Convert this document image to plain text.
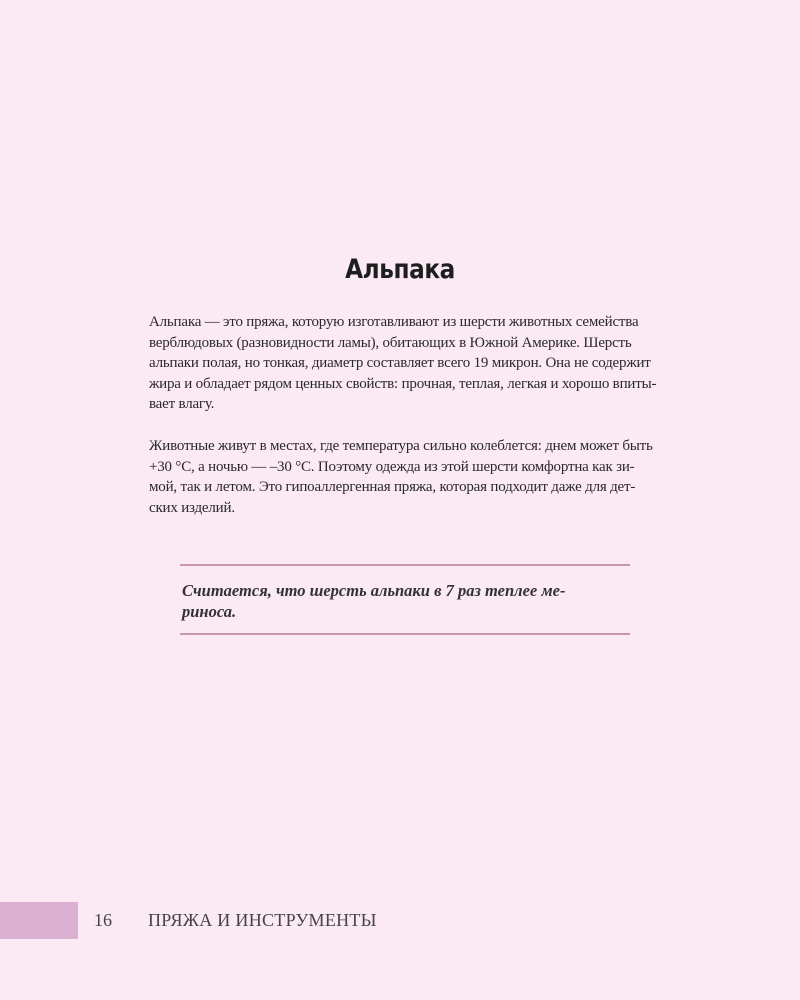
Альпака

Альпака — это пряжа, которую изготавливают из шерсти животных семейства
верблюдовых (разновидности ламы), обитающих в Южной Америке. Шерсть
альпаки полая, но тонкая, диаметр составляет всего 19 микрон. Она не содержит
жира и обладает рядом ценных свойств: прочная, теплая, легкая и хорошо впиты-
вает влагу.

Животные живут в местах, где температура сильно колеблется: днем может быть
+30 °С, а ночью — –30 °С. Поэтому одежда из этой шерсти комфортна как зи-
мой, так и летом. Это гипоаллергенная пряжа, которая подходит даже для дет-
ских изделий.

Считается, что шерсть альпаки в 7 раз теплее ме-
риноса.

16 ПРЯЖА И ИНСТРУМЕНТЫ
